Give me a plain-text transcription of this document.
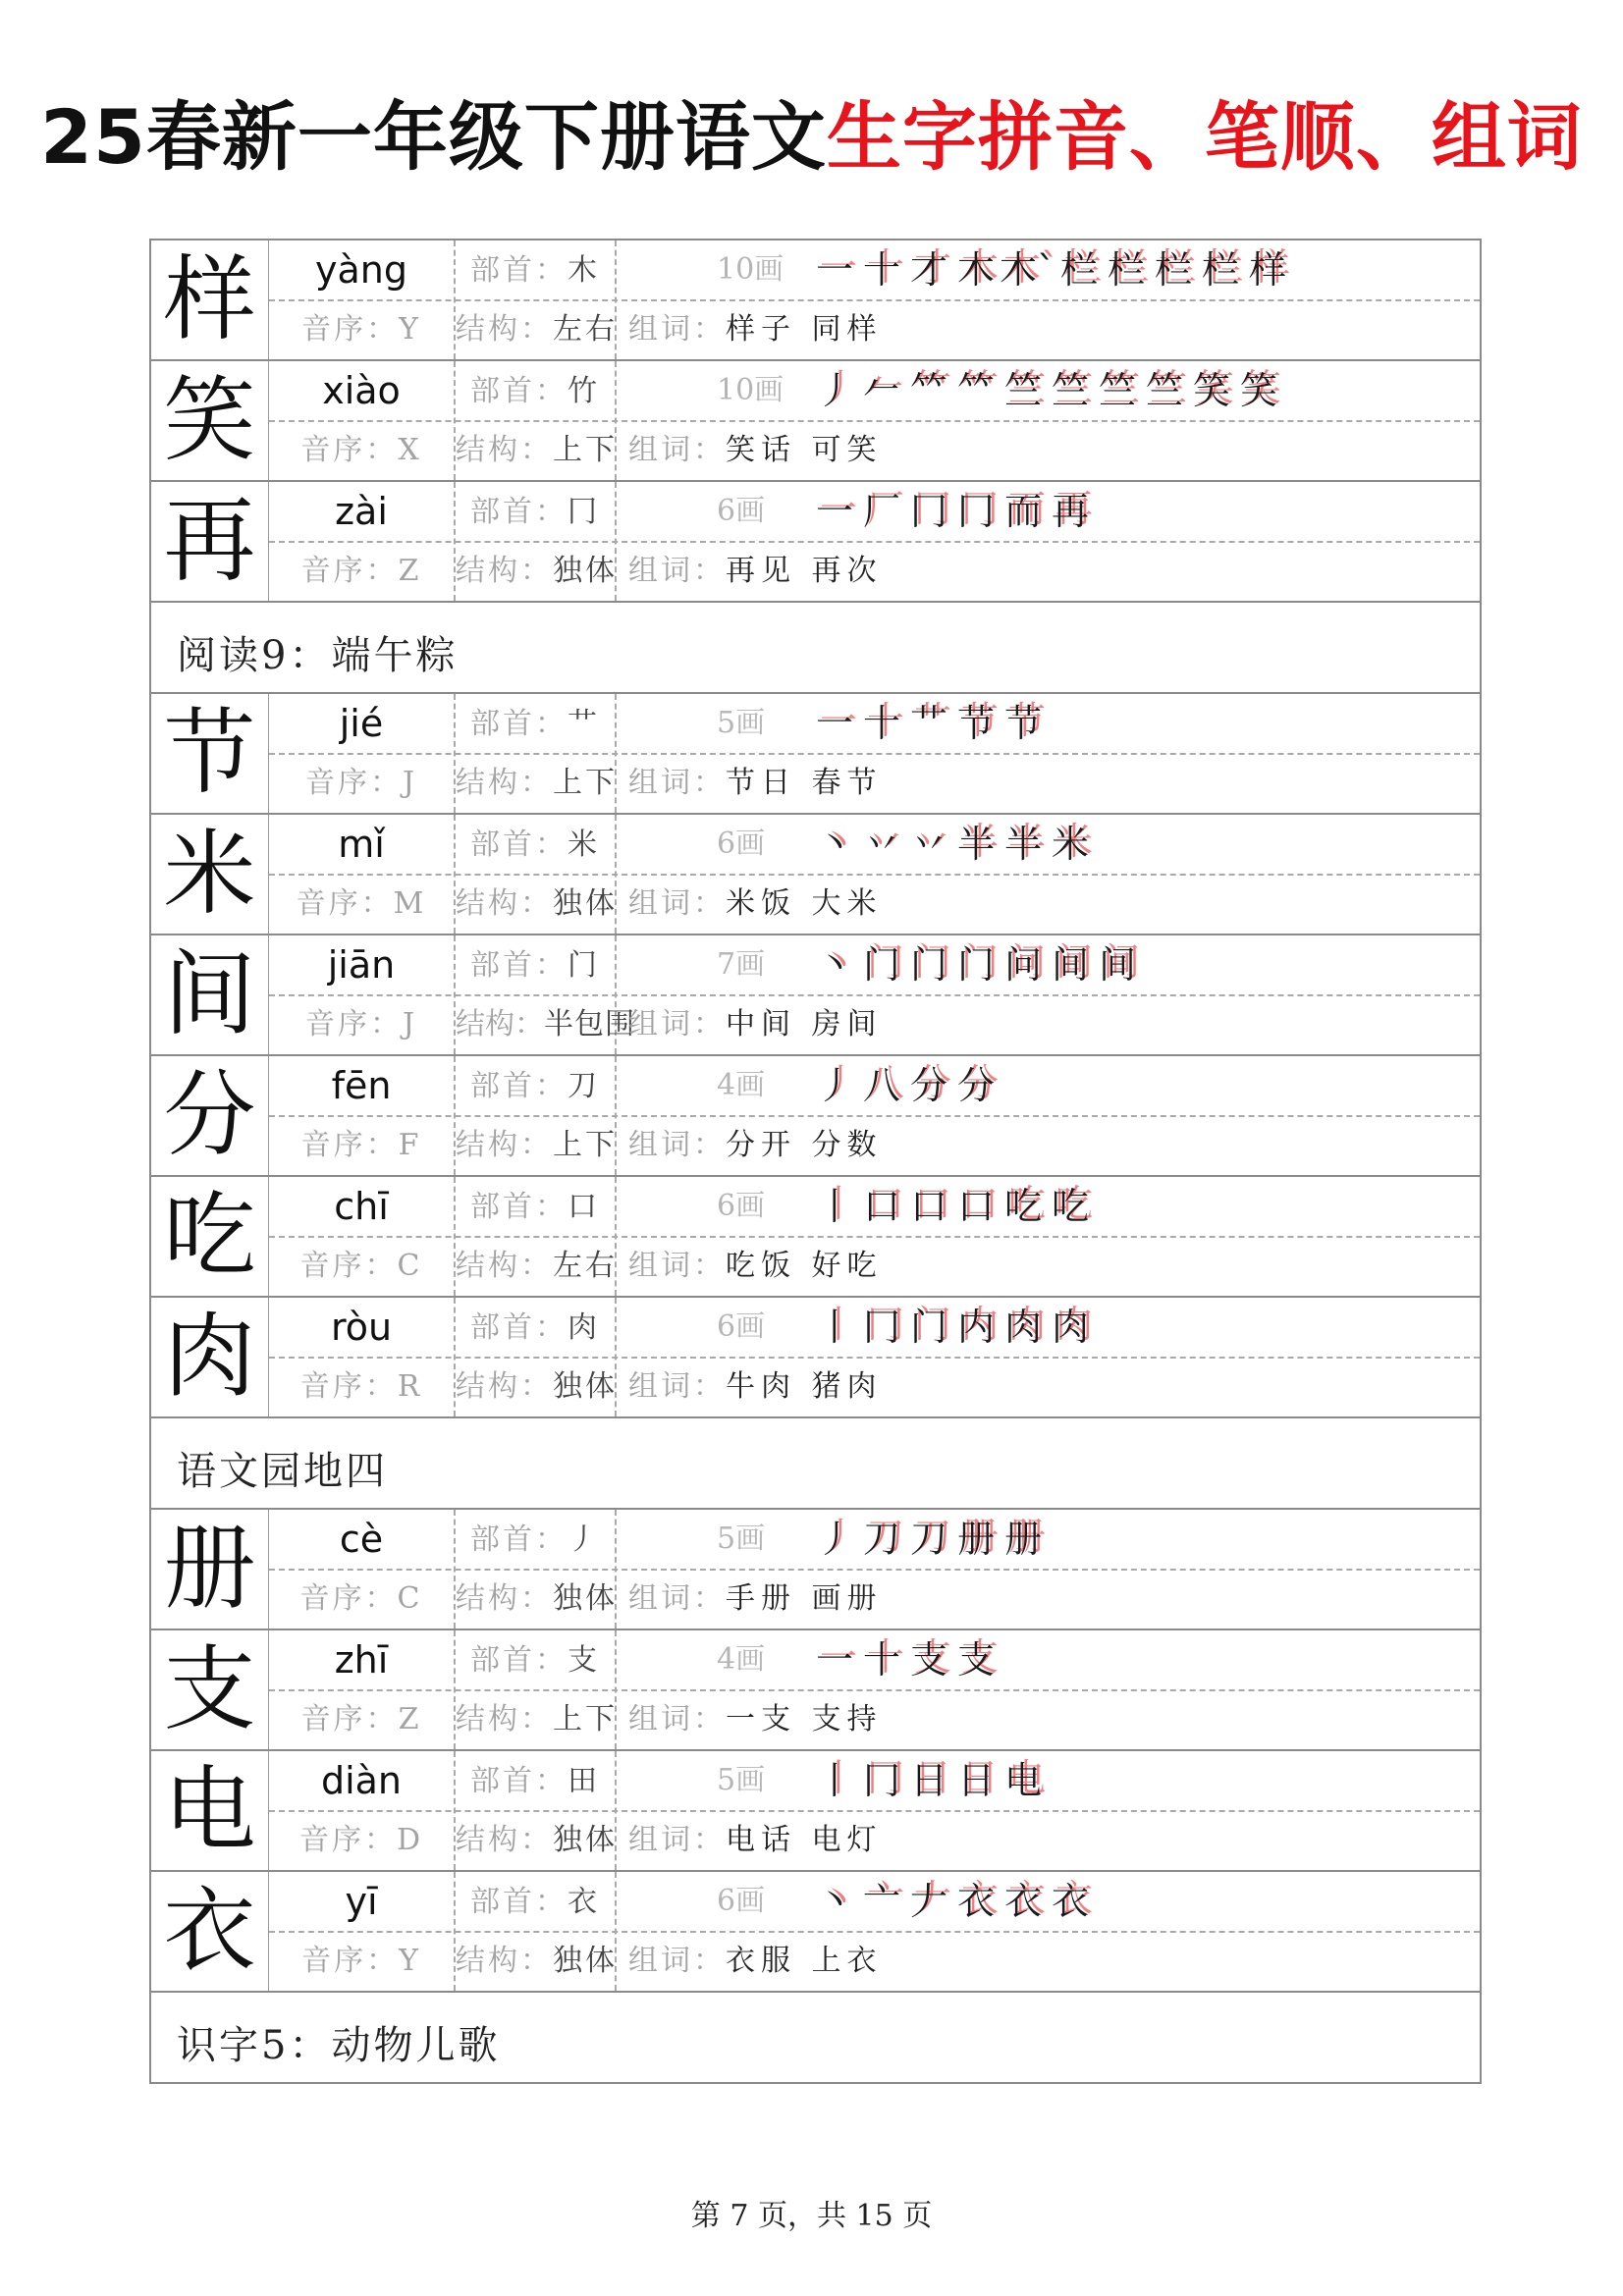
25春新一年级下册语文生字拼音、笔顺、组词
样	yàng	部首：木
音序：Y	结构：左右
10画 一 十 才 木 木` 栏 栏 栏 栏 样
组词：样子 同样
笑	xiào	部首：竹
音序：X	结构：上下
10画 丿 𠂉 𥫗 𥫗 竺 竺 竺 竺 笑 笑
组词：笑话 可笑
再	zài	部首：冂
音序：Z	结构：独体
6画 一 厂 冂 冂 而 再
组词：再见 再次
阅读9：端午粽
节	jié	部首：艹
音序：J	结构：上下
5画 一 十 艹 节 节
组词：节日 春节
米	mǐ	部首：米
音序：M 结构：独体
6画 丶 丷 丷 半 半 米
组词：米饭 大米
间	jiān	部首：门
音序：J	结构：半包围
7画 丶 门 门 门 问 间 间
组词：中间 房间
分	fēn	部首：刀
音序：F	结构：上下
4画 丿 八 分 分
组词：分开 分数
吃	chī	部首：口
音序：C	结构：左右
6画 丨 口 口 口 吃 吃
组词：吃饭 好吃
肉	ròu	部首：肉
音序：R	结构：独体
6画 丨 冂 门 内 肉 肉
组词：牛肉 猪肉
语文园地四
册	cè	部首：丿
音序：C	结构：独体
5画 丿 刀 刀 册 册
组词：手册 画册
支	zhī	部首：支
音序：Z	结构：上下
4画 一 十 支 支
组词：一支 支持
电	diàn	部首：田
音序：D	结构：独体
5画 丨 冂 日 日 电
组词：电话 电灯
衣	yī	部首：衣
音序：Y	结构：独体
6画 丶 亠 𠂇 衣 衣 衣
组词：衣服 上衣
识字5：动物儿歌
第 7 页，共 15 页
